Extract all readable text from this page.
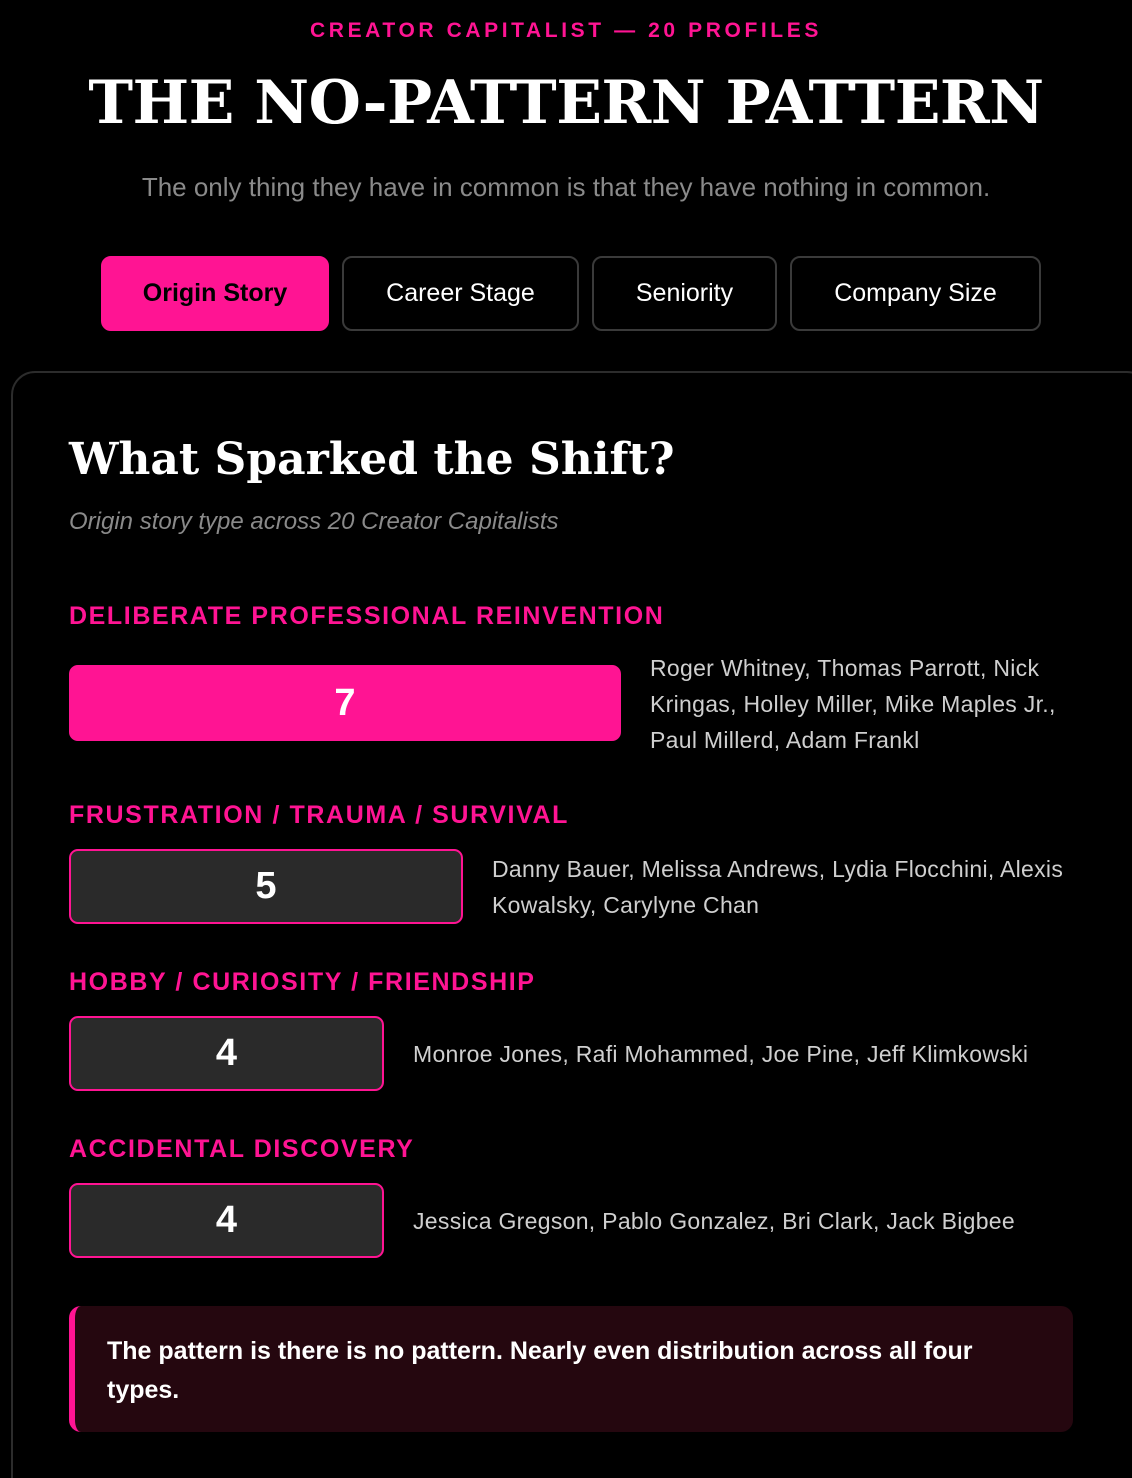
CREATOR CAPITALIST — 20 PROFILES
THE NO-PATTERN PATTERN
The only thing they have in common is that they have nothing in common.
Origin Story	Career Stage	Seniority	Company Size
What Sparked the Shift?
Origin story type across 20 Creator Capitalists
DELIBERATE PROFESSIONAL REINVENTION
7
Roger Whitney, Thomas Parrott, Nick Kringas, Holley Miller, Mike Maples Jr., Paul Millerd, Adam Frankl
FRUSTRATION / TRAUMA / SURVIVAL
5	Danny Bauer, Melissa Andrews, Lydia Flocchini, Alexis Kowalsky, Carylyne Chan
HOBBY / CURIOSITY / FRIENDSHIP
4	Monroe Jones, Rafi Mohammed, Joe Pine, Jeff Klimkowski
ACCIDENTAL DISCOVERY
4	Jessica Gregson, Pablo Gonzalez, Bri Clark, Jack Bigbee
The pattern is there is no pattern. Nearly even distribution across all four types.
